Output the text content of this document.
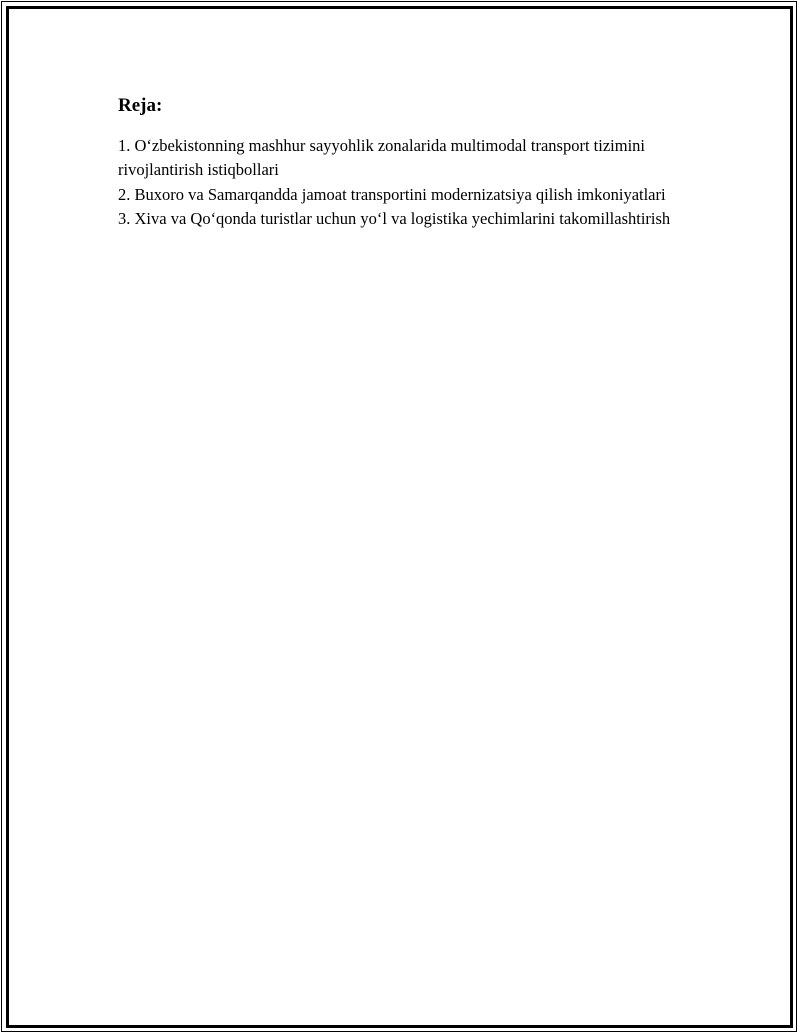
Reja:
1. O‘zbekistonning mashhur sayyohlik zonalarida multimodal transport tizimini rivojlantirish istiqbollari
2. Buxoro va Samarqandda jamoat transportini modernizatsiya qilish imkoniyatlari
3. Xiva va Qo‘qonda turistlar uchun yo‘l va logistika yechimlarini takomillashtirish
